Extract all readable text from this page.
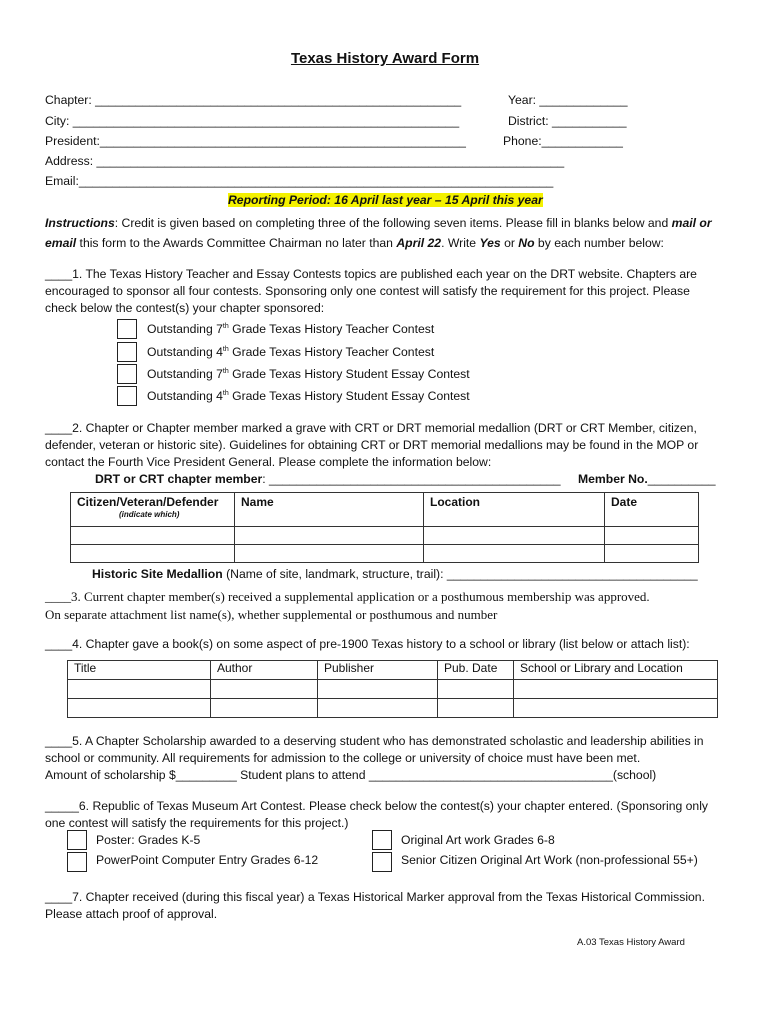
Texas History Award Form
Chapter: ______________________________________________________	Year: _____________
City: _________________________________________________________	District: ___________
President:______________________________________________________	Phone:____________
Address: _____________________________________________________________________
Email:______________________________________________________________________
Reporting Period: 16 April last year – 15 April this year
Instructions: Credit is given based on completing three of the following seven items. Please fill in blanks below and mail or email this form to the Awards Committee Chairman no later than April 22. Write Yes or No by each number below:
____1. The Texas History Teacher and Essay Contests topics are published each year on the DRT website. Chapters are encouraged to sponsor all four contests. Sponsoring only one contest will satisfy the requirement for this project. Please check below the contest(s) your chapter sponsored:
Outstanding 7th Grade Texas History Teacher Contest
Outstanding 4th Grade Texas History Teacher Contest
Outstanding 7th Grade Texas History Student Essay Contest
Outstanding 4th Grade Texas History Student Essay Contest
____2. Chapter or Chapter member marked a grave with CRT or DRT memorial medallion (DRT or CRT Member, citizen, defender, veteran or historic site). Guidelines for obtaining CRT or DRT memorial medallions may be found in the MOP or contact the Fourth Vice President General. Please complete the information below:
DRT or CRT chapter member: ___________________________________________ Member No.__________
Citizen/Veteran/Defender
(indicate which)	Name	Location	Date

Historic Site Medallion (Name of site, landmark, structure, trail): _____________________________________
____3. Current chapter member(s) received a supplemental application or a posthumous membership was approved.
On separate attachment list name(s), whether supplemental or posthumous and number
____4. Chapter gave a book(s) on some aspect of pre-1900 Texas history to a school or library (list below or attach list):
Title	Author	Publisher	Pub. Date	School or Library and Location

____5. A Chapter Scholarship awarded to a deserving student who has demonstrated scholastic and leadership abilities in school or community. All requirements for admission to the college or university of choice must have been met.
Amount of scholarship $_________ Student plans to attend ____________________________________(school)
_____6. Republic of Texas Museum Art Contest. Please check below the contest(s) your chapter entered. (Sponsoring only one contest will satisfy the requirements for this project.)
Poster: Grades K-5
PowerPoint Computer Entry Grades 6-12
Original Art work Grades 6-8
Senior Citizen Original Art Work (non-professional 55+)
____7. Chapter received (during this fiscal year) a Texas Historical Marker approval from the Texas Historical Commission. Please attach proof of approval.
A.03 Texas History Award
